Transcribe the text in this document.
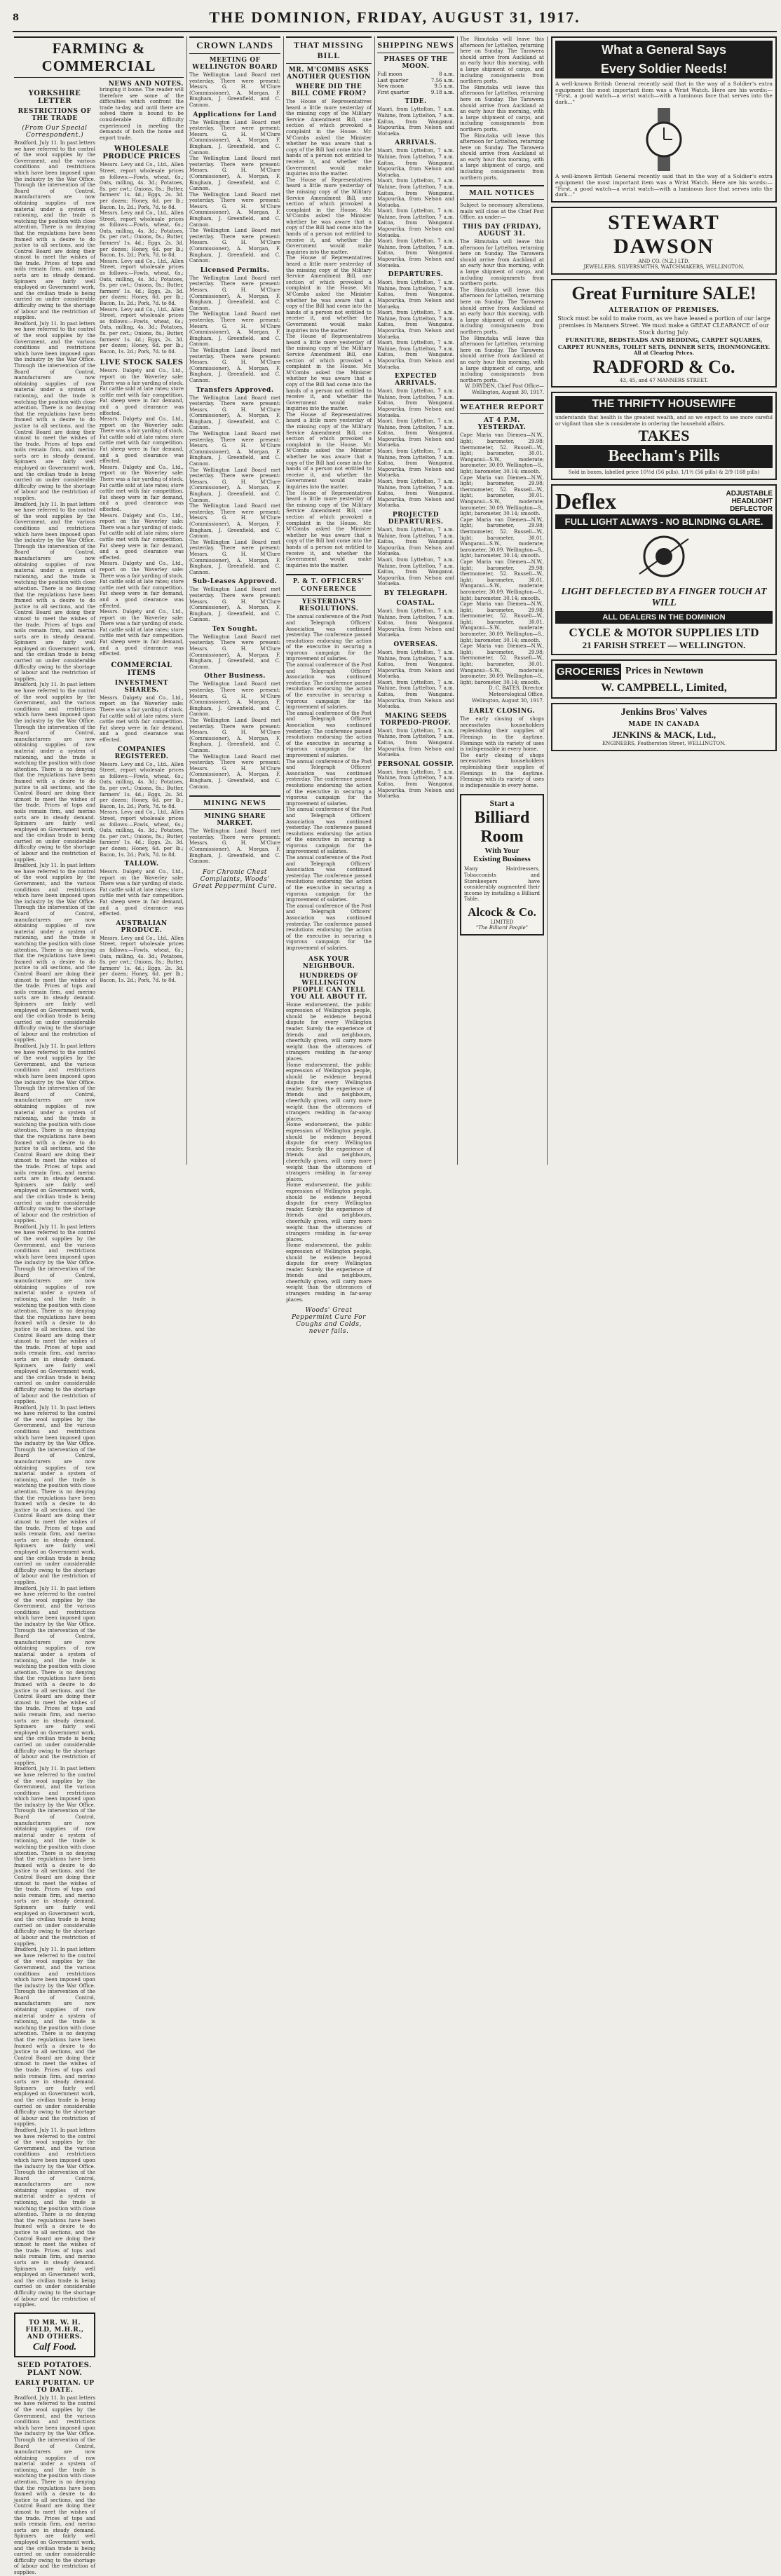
8	THE DOMINION, FRIDAY, AUGUST 31, 1917.
FARMING & COMMERCIAL
NEWS AND NOTES.
YORKSHIRE LETTER
RESTRICTIONS OF THE TRADE
(From Our Special Correspondent.)
Bradford, July 11. In past letters we have referred to the control of the wool supplies by the Government, and the various conditions and restrictions which have been imposed upon the industry by the War Office. Through the intervention of the Board of Control, manufacturers are now obtaining supplies of raw material under a system of rationing, and the trade is watching the position with close attention. There is no denying that the regulations have been framed with a desire to do justice to all sections, and the Control Board are doing their utmost to meet the wishes of the trade. Prices of tops and noils remain firm, and merino sorts are in steady demand. Spinners are fairly well employed on Government work, and the civilian trade is being carried on under considerable difficulty owing to the shortage of labour and the restriction of supplies.
Bradford, July 11. In past letters we have referred to the control of the wool supplies by the Government, and the various conditions and restrictions which have been imposed upon the industry by the War Office. Through the intervention of the Board of Control, manufacturers are now obtaining supplies of raw material under a system of rationing, and the trade is watching the position with close attention. There is no denying that the regulations have been framed with a desire to do justice to all sections, and the Control Board are doing their utmost to meet the wishes of the trade. Prices of tops and noils remain firm, and merino sorts are in steady demand. Spinners are fairly well employed on Government work, and the civilian trade is being carried on under considerable difficulty owing to the shortage of labour and the restriction of supplies.
Bradford, July 11. In past letters we have referred to the control of the wool supplies by the Government, and the various conditions and restrictions which have been imposed upon the industry by the War Office. Through the intervention of the Board of Control, manufacturers are now obtaining supplies of raw material under a system of rationing, and the trade is watching the position with close attention. There is no denying that the regulations have been framed with a desire to do justice to all sections, and the Control Board are doing their utmost to meet the wishes of the trade. Prices of tops and noils remain firm, and merino sorts are in steady demand. Spinners are fairly well employed on Government work, and the civilian trade is being carried on under considerable difficulty owing to the shortage of labour and the restriction of supplies.
Bradford, July 11. In past letters we have referred to the control of the wool supplies by the Government, and the various conditions and restrictions which have been imposed upon the industry by the War Office. Through the intervention of the Board of Control, manufacturers are now obtaining supplies of raw material under a system of rationing, and the trade is watching the position with close attention. There is no denying that the regulations have been framed with a desire to do justice to all sections, and the Control Board are doing their utmost to meet the wishes of the trade. Prices of tops and noils remain firm, and merino sorts are in steady demand. Spinners are fairly well employed on Government work, and the civilian trade is being carried on under considerable difficulty owing to the shortage of labour and the restriction of supplies.
Bradford, July 11. In past letters we have referred to the control of the wool supplies by the Government, and the various conditions and restrictions which have been imposed upon the industry by the War Office. Through the intervention of the Board of Control, manufacturers are now obtaining supplies of raw material under a system of rationing, and the trade is watching the position with close attention. There is no denying that the regulations have been framed with a desire to do justice to all sections, and the Control Board are doing their utmost to meet the wishes of the trade. Prices of tops and noils remain firm, and merino sorts are in steady demand. Spinners are fairly well employed on Government work, and the civilian trade is being carried on under considerable difficulty owing to the shortage of labour and the restriction of supplies.
Bradford, July 11. In past letters we have referred to the control of the wool supplies by the Government, and the various conditions and restrictions which have been imposed upon the industry by the War Office. Through the intervention of the Board of Control, manufacturers are now obtaining supplies of raw material under a system of rationing, and the trade is watching the position with close attention. There is no denying that the regulations have been framed with a desire to do justice to all sections, and the Control Board are doing their utmost to meet the wishes of the trade. Prices of tops and noils remain firm, and merino sorts are in steady demand. Spinners are fairly well employed on Government work, and the civilian trade is being carried on under considerable difficulty owing to the shortage of labour and the restriction of supplies.
Bradford, July 11. In past letters we have referred to the control of the wool supplies by the Government, and the various conditions and restrictions which have been imposed upon the industry by the War Office. Through the intervention of the Board of Control, manufacturers are now obtaining supplies of raw material under a system of rationing, and the trade is watching the position with close attention. There is no denying that the regulations have been framed with a desire to do justice to all sections, and the Control Board are doing their utmost to meet the wishes of the trade. Prices of tops and noils remain firm, and merino sorts are in steady demand. Spinners are fairly well employed on Government work, and the civilian trade is being carried on under considerable difficulty owing to the shortage of labour and the restriction of supplies.
Bradford, July 11. In past letters we have referred to the control of the wool supplies by the Government, and the various conditions and restrictions which have been imposed upon the industry by the War Office. Through the intervention of the Board of Control, manufacturers are now obtaining supplies of raw material under a system of rationing, and the trade is watching the position with close attention. There is no denying that the regulations have been framed with a desire to do justice to all sections, and the Control Board are doing their utmost to meet the wishes of the trade. Prices of tops and noils remain firm, and merino sorts are in steady demand. Spinners are fairly well employed on Government work, and the civilian trade is being carried on under considerable difficulty owing to the shortage of labour and the restriction of supplies.
Bradford, July 11. In past letters we have referred to the control of the wool supplies by the Government, and the various conditions and restrictions which have been imposed upon the industry by the War Office. Through the intervention of the Board of Control, manufacturers are now obtaining supplies of raw material under a system of rationing, and the trade is watching the position with close attention. There is no denying that the regulations have been framed with a desire to do justice to all sections, and the Control Board are doing their utmost to meet the wishes of the trade. Prices of tops and noils remain firm, and merino sorts are in steady demand. Spinners are fairly well employed on Government work, and the civilian trade is being carried on under considerable difficulty owing to the shortage of labour and the restriction of supplies.
Bradford, July 11. In past letters we have referred to the control of the wool supplies by the Government, and the various conditions and restrictions which have been imposed upon the industry by the War Office. Through the intervention of the Board of Control, manufacturers are now obtaining supplies of raw material under a system of rationing, and the trade is watching the position with close attention. There is no denying that the regulations have been framed with a desire to do justice to all sections, and the Control Board are doing their utmost to meet the wishes of the trade. Prices of tops and noils remain firm, and merino sorts are in steady demand. Spinners are fairly well employed on Government work, and the civilian trade is being carried on under considerable difficulty owing to the shortage of labour and the restriction of supplies.
Bradford, July 11. In past letters we have referred to the control of the wool supplies by the Government, and the various conditions and restrictions which have been imposed upon the industry by the War Office. Through the intervention of the Board of Control, manufacturers are now obtaining supplies of raw material under a system of rationing, and the trade is watching the position with close attention. There is no denying that the regulations have been framed with a desire to do justice to all sections, and the Control Board are doing their utmost to meet the wishes of the trade. Prices of tops and noils remain firm, and merino sorts are in steady demand. Spinners are fairly well employed on Government work, and the civilian trade is being carried on under considerable difficulty owing to the shortage of labour and the restriction of supplies.
Bradford, July 11. In past letters we have referred to the control of the wool supplies by the Government, and the various conditions and restrictions which have been imposed upon the industry by the War Office. Through the intervention of the Board of Control, manufacturers are now obtaining supplies of raw material under a system of rationing, and the trade is watching the position with close attention. There is no denying that the regulations have been framed with a desire to do justice to all sections, and the Control Board are doing their utmost to meet the wishes of the trade. Prices of tops and noils remain firm, and merino sorts are in steady demand. Spinners are fairly well employed on Government work, and the civilian trade is being carried on under considerable difficulty owing to the shortage of labour and the restriction of supplies.
TO MR. W. H. FIELD, M.H.R., AND OTHERS.
Calf Food.
SEED POTATOES. PLANT NOW.
EARLY PURITAN. UP TO DATE.
Bradford, July 11. In past letters we have referred to the control of the wool supplies by the Government, and the various conditions and restrictions which have been imposed upon the industry by the War Office. Through the intervention of the Board of Control, manufacturers are now obtaining supplies of raw material under a system of rationing, and the trade is watching the position with close attention. There is no denying that the regulations have been framed with a desire to do justice to all sections, and the Control Board are doing their utmost to meet the wishes of the trade. Prices of tops and noils remain firm, and merino sorts are in steady demand. Spinners are fairly well employed on Government work, and the civilian trade is being carried on under considerable difficulty owing to the shortage of labour and the restriction of supplies.
bringing it home. The reader will therefore see some of the difficulties which confront the trade to-day, and until there are solved there is bound to be considerable difficulty experienced in meeting the demands of both the home and export trade.
WHOLESALE PRODUCE PRICES
Messrs. Levy and Co., Ltd., Allen Street, report wholesale prices as follows:—Fowls, wheat, 6s.; Oats, milling, 4s. 3d.; Potatoes, 8s. per cwt.; Onions, 8s.; Butter, farmers' 1s. 4d.; Eggs, 2s. 3d. per dozen; Honey, 6d. per lb.; Bacon, 1s. 2d.; Pork, 7d. to 8d.
Messrs. Levy and Co., Ltd., Allen Street, report wholesale prices as follows:—Fowls, wheat, 6s.; Oats, milling, 4s. 3d.; Potatoes, 8s. per cwt.; Onions, 8s.; Butter, farmers' 1s. 4d.; Eggs, 2s. 3d. per dozen; Honey, 6d. per lb.; Bacon, 1s. 2d.; Pork, 7d. to 8d.
Messrs. Levy and Co., Ltd., Allen Street, report wholesale prices as follows:—Fowls, wheat, 6s.; Oats, milling, 4s. 3d.; Potatoes, 8s. per cwt.; Onions, 8s.; Butter, farmers' 1s. 4d.; Eggs, 2s. 3d. per dozen; Honey, 6d. per lb.; Bacon, 1s. 2d.; Pork, 7d. to 8d.
Messrs. Levy and Co., Ltd., Allen Street, report wholesale prices as follows:—Fowls, wheat, 6s.; Oats, milling, 4s. 3d.; Potatoes, 8s. per cwt.; Onions, 8s.; Butter, farmers' 1s. 4d.; Eggs, 2s. 3d. per dozen; Honey, 6d. per lb.; Bacon, 1s. 2d.; Pork, 7d. to 8d.
LIVE STOCK SALES
Messrs. Dalgety and Co., Ltd., report on the Waverley sale: There was a fair yarding of stock. Fat cattle sold at late rates; store cattle met with fair competition. Fat sheep were in fair demand, and a good clearance was effected.
Messrs. Dalgety and Co., Ltd., report on the Waverley sale: There was a fair yarding of stock. Fat cattle sold at late rates; store cattle met with fair competition. Fat sheep were in fair demand, and a good clearance was effected.
Messrs. Dalgety and Co., Ltd., report on the Waverley sale: There was a fair yarding of stock. Fat cattle sold at late rates; store cattle met with fair competition. Fat sheep were in fair demand, and a good clearance was effected.
Messrs. Dalgety and Co., Ltd., report on the Waverley sale: There was a fair yarding of stock. Fat cattle sold at late rates; store cattle met with fair competition. Fat sheep were in fair demand, and a good clearance was effected.
Messrs. Dalgety and Co., Ltd., report on the Waverley sale: There was a fair yarding of stock. Fat cattle sold at late rates; store cattle met with fair competition. Fat sheep were in fair demand, and a good clearance was effected.
Messrs. Dalgety and Co., Ltd., report on the Waverley sale: There was a fair yarding of stock. Fat cattle sold at late rates; store cattle met with fair competition. Fat sheep were in fair demand, and a good clearance was effected.
COMMERCIAL ITEMS
INVESTMENT SHARES.
Messrs. Dalgety and Co., Ltd., report on the Waverley sale: There was a fair yarding of stock. Fat cattle sold at late rates; store cattle met with fair competition. Fat sheep were in fair demand, and a good clearance was effected.
COMPANIES REGISTERED.
Messrs. Levy and Co., Ltd., Allen Street, report wholesale prices as follows:—Fowls, wheat, 6s.; Oats, milling, 4s. 3d.; Potatoes, 8s. per cwt.; Onions, 8s.; Butter, farmers' 1s. 4d.; Eggs, 2s. 3d. per dozen; Honey, 6d. per lb.; Bacon, 1s. 2d.; Pork, 7d. to 8d.
Messrs. Levy and Co., Ltd., Allen Street, report wholesale prices as follows:—Fowls, wheat, 6s.; Oats, milling, 4s. 3d.; Potatoes, 8s. per cwt.; Onions, 8s.; Butter, farmers' 1s. 4d.; Eggs, 2s. 3d. per dozen; Honey, 6d. per lb.; Bacon, 1s. 2d.; Pork, 7d. to 8d.
TALLOW.
Messrs. Dalgety and Co., Ltd., report on the Waverley sale: There was a fair yarding of stock. Fat cattle sold at late rates; store cattle met with fair competition. Fat sheep were in fair demand, and a good clearance was effected.
AUSTRALIAN PRODUCE.
Messrs. Levy and Co., Ltd., Allen Street, report wholesale prices as follows:—Fowls, wheat, 6s.; Oats, milling, 4s. 3d.; Potatoes, 8s. per cwt.; Onions, 8s.; Butter, farmers' 1s. 4d.; Eggs, 2s. 3d. per dozen; Honey, 6d. per lb.; Bacon, 1s. 2d.; Pork, 7d. to 8d.
CROWN LANDS
MEETING OF WELLINGTON BOARD
The Wellington Land Board met yesterday. There were present: Messrs. G. H. M'Clure (Commissioner), A. Morgan, F. Bingham, J. Greenfield, and C. Cannon.
Applications for Land
The Wellington Land Board met yesterday. There were present: Messrs. G. H. M'Clure (Commissioner), A. Morgan, F. Bingham, J. Greenfield, and C. Cannon.
The Wellington Land Board met yesterday. There were present: Messrs. G. H. M'Clure (Commissioner), A. Morgan, F. Bingham, J. Greenfield, and C. Cannon.
The Wellington Land Board met yesterday. There were present: Messrs. G. H. M'Clure (Commissioner), A. Morgan, F. Bingham, J. Greenfield, and C. Cannon.
The Wellington Land Board met yesterday. There were present: Messrs. G. H. M'Clure (Commissioner), A. Morgan, F. Bingham, J. Greenfield, and C. Cannon.
Licensed Permits.
The Wellington Land Board met yesterday. There were present: Messrs. G. H. M'Clure (Commissioner), A. Morgan, F. Bingham, J. Greenfield, and C. Cannon.
The Wellington Land Board met yesterday. There were present: Messrs. G. H. M'Clure (Commissioner), A. Morgan, F. Bingham, J. Greenfield, and C. Cannon.
The Wellington Land Board met yesterday. There were present: Messrs. G. H. M'Clure (Commissioner), A. Morgan, F. Bingham, J. Greenfield, and C. Cannon.
Transfers Approved.
The Wellington Land Board met yesterday. There were present: Messrs. G. H. M'Clure (Commissioner), A. Morgan, F. Bingham, J. Greenfield, and C. Cannon.
The Wellington Land Board met yesterday. There were present: Messrs. G. H. M'Clure (Commissioner), A. Morgan, F. Bingham, J. Greenfield, and C. Cannon.
The Wellington Land Board met yesterday. There were present: Messrs. G. H. M'Clure (Commissioner), A. Morgan, F. Bingham, J. Greenfield, and C. Cannon.
The Wellington Land Board met yesterday. There were present: Messrs. G. H. M'Clure (Commissioner), A. Morgan, F. Bingham, J. Greenfield, and C. Cannon.
The Wellington Land Board met yesterday. There were present: Messrs. G. H. M'Clure (Commissioner), A. Morgan, F. Bingham, J. Greenfield, and C. Cannon.
Sub-Leases Approved.
The Wellington Land Board met yesterday. There were present: Messrs. G. H. M'Clure (Commissioner), A. Morgan, F. Bingham, J. Greenfield, and C. Cannon.
Tex Sought.
The Wellington Land Board met yesterday. There were present: Messrs. G. H. M'Clure (Commissioner), A. Morgan, F. Bingham, J. Greenfield, and C. Cannon.
Other Business.
The Wellington Land Board met yesterday. There were present: Messrs. G. H. M'Clure (Commissioner), A. Morgan, F. Bingham, J. Greenfield, and C. Cannon.
The Wellington Land Board met yesterday. There were present: Messrs. G. H. M'Clure (Commissioner), A. Morgan, F. Bingham, J. Greenfield, and C. Cannon.
The Wellington Land Board met yesterday. There were present: Messrs. G. H. M'Clure (Commissioner), A. Morgan, F. Bingham, J. Greenfield, and C. Cannon.
MINING NEWS
MINING SHARE MARKET.
The Wellington Land Board met yesterday. There were present: Messrs. G. H. M'Clure (Commissioner), A. Morgan, F. Bingham, J. Greenfield, and C. Cannon.
For Chronic Chest Complaints, Woods' Great Peppermint Cure.
THAT MISSING BILL
MR. M'COMBS ASKS ANOTHER QUESTION
WHERE DID THE BILL COME FROM?
The House of Representatives heard a little more yesterday of the missing copy of the Military Service Amendment Bill, one section of which provoked a complaint in the House. Mr. M'Combs asked the Minister whether he was aware that a copy of the Bill had come into the hands of a person not entitled to receive it, and whether the Government would make inquiries into the matter.
The House of Representatives heard a little more yesterday of the missing copy of the Military Service Amendment Bill, one section of which provoked a complaint in the House. Mr. M'Combs asked the Minister whether he was aware that a copy of the Bill had come into the hands of a person not entitled to receive it, and whether the Government would make inquiries into the matter.
The House of Representatives heard a little more yesterday of the missing copy of the Military Service Amendment Bill, one section of which provoked a complaint in the House. Mr. M'Combs asked the Minister whether he was aware that a copy of the Bill had come into the hands of a person not entitled to receive it, and whether the Government would make inquiries into the matter.
The House of Representatives heard a little more yesterday of the missing copy of the Military Service Amendment Bill, one section of which provoked a complaint in the House. Mr. M'Combs asked the Minister whether he was aware that a copy of the Bill had come into the hands of a person not entitled to receive it, and whether the Government would make inquiries into the matter.
The House of Representatives heard a little more yesterday of the missing copy of the Military Service Amendment Bill, one section of which provoked a complaint in the House. Mr. M'Combs asked the Minister whether he was aware that a copy of the Bill had come into the hands of a person not entitled to receive it, and whether the Government would make inquiries into the matter.
The House of Representatives heard a little more yesterday of the missing copy of the Military Service Amendment Bill, one section of which provoked a complaint in the House. Mr. M'Combs asked the Minister whether he was aware that a copy of the Bill had come into the hands of a person not entitled to receive it, and whether the Government would make inquiries into the matter.
P. & T. OFFICERS' CONFERENCE
YESTERDAY'S RESOLUTIONS.
The annual conference of the Post and Telegraph Officers' Association was continued yesterday. The conference passed resolutions endorsing the action of the executive in securing a vigorous campaign for the improvement of salaries.
The annual conference of the Post and Telegraph Officers' Association was continued yesterday. The conference passed resolutions endorsing the action of the executive in securing a vigorous campaign for the improvement of salaries.
The annual conference of the Post and Telegraph Officers' Association was continued yesterday. The conference passed resolutions endorsing the action of the executive in securing a vigorous campaign for the improvement of salaries.
The annual conference of the Post and Telegraph Officers' Association was continued yesterday. The conference passed resolutions endorsing the action of the executive in securing a vigorous campaign for the improvement of salaries.
The annual conference of the Post and Telegraph Officers' Association was continued yesterday. The conference passed resolutions endorsing the action of the executive in securing a vigorous campaign for the improvement of salaries.
The annual conference of the Post and Telegraph Officers' Association was continued yesterday. The conference passed resolutions endorsing the action of the executive in securing a vigorous campaign for the improvement of salaries.
The annual conference of the Post and Telegraph Officers' Association was continued yesterday. The conference passed resolutions endorsing the action of the executive in securing a vigorous campaign for the improvement of salaries.
ASK YOUR NEIGHBOUR.
HUNDREDS OF WELLINGTON PEOPLE CAN TELL YOU ALL ABOUT IT.
Home endorsement, the public expression of Wellington people, should be evidence beyond dispute for every Wellington reader. Surely the experience of friends and neighbours, cheerfully given, will carry more weight than the utterances of strangers residing in far-away places.
Home endorsement, the public expression of Wellington people, should be evidence beyond dispute for every Wellington reader. Surely the experience of friends and neighbours, cheerfully given, will carry more weight than the utterances of strangers residing in far-away places.
Home endorsement, the public expression of Wellington people, should be evidence beyond dispute for every Wellington reader. Surely the experience of friends and neighbours, cheerfully given, will carry more weight than the utterances of strangers residing in far-away places.
Home endorsement, the public expression of Wellington people, should be evidence beyond dispute for every Wellington reader. Surely the experience of friends and neighbours, cheerfully given, will carry more weight than the utterances of strangers residing in far-away places.
Home endorsement, the public expression of Wellington people, should be evidence beyond dispute for every Wellington reader. Surely the experience of friends and neighbours, cheerfully given, will carry more weight than the utterances of strangers residing in far-away places.
Woods' Great Peppermint Cure For Coughs and Colds, never fails.
SHIPPING NEWS
PHASES OF THE MOON.
Full moon	8 a.m.
Last quarter	7.56 a.m.
New moon	9.5 a.m.
First quarter	9.18 a.m.
TIDE.
Maori, from Lyttelton, 7 a.m. Wahine, from Lyttelton, 7 a.m. Kaitoa, from Wanganui. Mapourika, from Nelson and Motueka.
ARRIVALS.
Maori, from Lyttelton, 7 a.m. Wahine, from Lyttelton, 7 a.m. Kaitoa, from Wanganui. Mapourika, from Nelson and Motueka.
Maori, from Lyttelton, 7 a.m. Wahine, from Lyttelton, 7 a.m. Kaitoa, from Wanganui. Mapourika, from Nelson and Motueka.
Maori, from Lyttelton, 7 a.m. Wahine, from Lyttelton, 7 a.m. Kaitoa, from Wanganui. Mapourika, from Nelson and Motueka.
Maori, from Lyttelton, 7 a.m. Wahine, from Lyttelton, 7 a.m. Kaitoa, from Wanganui. Mapourika, from Nelson and Motueka.
DEPARTURES.
Maori, from Lyttelton, 7 a.m. Wahine, from Lyttelton, 7 a.m. Kaitoa, from Wanganui. Mapourika, from Nelson and Motueka.
Maori, from Lyttelton, 7 a.m. Wahine, from Lyttelton, 7 a.m. Kaitoa, from Wanganui. Mapourika, from Nelson and Motueka.
Maori, from Lyttelton, 7 a.m. Wahine, from Lyttelton, 7 a.m. Kaitoa, from Wanganui. Mapourika, from Nelson and Motueka.
EXPECTED ARRIVALS.
Maori, from Lyttelton, 7 a.m. Wahine, from Lyttelton, 7 a.m. Kaitoa, from Wanganui. Mapourika, from Nelson and Motueka.
Maori, from Lyttelton, 7 a.m. Wahine, from Lyttelton, 7 a.m. Kaitoa, from Wanganui. Mapourika, from Nelson and Motueka.
Maori, from Lyttelton, 7 a.m. Wahine, from Lyttelton, 7 a.m. Kaitoa, from Wanganui. Mapourika, from Nelson and Motueka.
Maori, from Lyttelton, 7 a.m. Wahine, from Lyttelton, 7 a.m. Kaitoa, from Wanganui. Mapourika, from Nelson and Motueka.
PROJECTED DEPARTURES.
Maori, from Lyttelton, 7 a.m. Wahine, from Lyttelton, 7 a.m. Kaitoa, from Wanganui. Mapourika, from Nelson and Motueka.
Maori, from Lyttelton, 7 a.m. Wahine, from Lyttelton, 7 a.m. Kaitoa, from Wanganui. Mapourika, from Nelson and Motueka.
BY TELEGRAPH.
COASTAL.
Maori, from Lyttelton, 7 a.m. Wahine, from Lyttelton, 7 a.m. Kaitoa, from Wanganui. Mapourika, from Nelson and Motueka.
OVERSEAS.
Maori, from Lyttelton, 7 a.m. Wahine, from Lyttelton, 7 a.m. Kaitoa, from Wanganui. Mapourika, from Nelson and Motueka.
Maori, from Lyttelton, 7 a.m. Wahine, from Lyttelton, 7 a.m. Kaitoa, from Wanganui. Mapourika, from Nelson and Motueka.
MAKING SEEDS TORPEDO-PROOF.
Maori, from Lyttelton, 7 a.m. Wahine, from Lyttelton, 7 a.m. Kaitoa, from Wanganui. Mapourika, from Nelson and Motueka.
PERSONAL GOSSIP.
Maori, from Lyttelton, 7 a.m. Wahine, from Lyttelton, 7 a.m. Kaitoa, from Wanganui. Mapourika, from Nelson and Motueka.
The Rimutaka will leave this afternoon for Lyttelton, returning here on Sunday. The Tarawera should arrive from Auckland at an early hour this morning, with a large shipment of cargo, and including consignments from northern ports.
The Rimutaka will leave this afternoon for Lyttelton, returning here on Sunday. The Tarawera should arrive from Auckland at an early hour this morning, with a large shipment of cargo, and including consignments from northern ports.
The Rimutaka will leave this afternoon for Lyttelton, returning here on Sunday. The Tarawera should arrive from Auckland at an early hour this morning, with a large shipment of cargo, and including consignments from northern ports.
MAIL NOTICES
Subject to necessary alterations, mails will close at the Chief Post Office, as under:—
THIS DAY (FRIDAY), AUGUST 31.
The Rimutaka will leave this afternoon for Lyttelton, returning here on Sunday. The Tarawera should arrive from Auckland at an early hour this morning, with a large shipment of cargo, and including consignments from northern ports.
The Rimutaka will leave this afternoon for Lyttelton, returning here on Sunday. The Tarawera should arrive from Auckland at an early hour this morning, with a large shipment of cargo, and including consignments from northern ports.
The Rimutaka will leave this afternoon for Lyttelton, returning here on Sunday. The Tarawera should arrive from Auckland at an early hour this morning, with a large shipment of cargo, and including consignments from northern ports.
W. DRYDEN, Chief Post Office—Wellington, August 30, 1917.
WEATHER REPORT
AT 4 P.M. YESTERDAY.
Cape Maria van Diemen—N.W., light; barometer, 29.98; thermometer, 52. Russell—W., light; barometer, 30.01. Wanganui—S.W., moderate; barometer, 30.09. Wellington—S., light; barometer, 30.14; smooth.
Cape Maria van Diemen—N.W., light; barometer, 29.98; thermometer, 52. Russell—W., light; barometer, 30.01. Wanganui—S.W., moderate; barometer, 30.09. Wellington—S., light; barometer, 30.14; smooth.
Cape Maria van Diemen—N.W., light; barometer, 29.98; thermometer, 52. Russell—W., light; barometer, 30.01. Wanganui—S.W., moderate; barometer, 30.09. Wellington—S., light; barometer, 30.14; smooth.
Cape Maria van Diemen—N.W., light; barometer, 29.98; thermometer, 52. Russell—W., light; barometer, 30.01. Wanganui—S.W., moderate; barometer, 30.09. Wellington—S., light; barometer, 30.14; smooth.
Cape Maria van Diemen—N.W., light; barometer, 29.98; thermometer, 52. Russell—W., light; barometer, 30.01. Wanganui—S.W., moderate; barometer, 30.09. Wellington—S., light; barometer, 30.14; smooth.
Cape Maria van Diemen—N.W., light; barometer, 29.98; thermometer, 52. Russell—W., light; barometer, 30.01. Wanganui—S.W., moderate; barometer, 30.09. Wellington—S., light; barometer, 30.14; smooth.
D. C. BATES, Director. Meteorological Office, Wellington, August 30, 1917.
EARLY CLOSING.
The early closing of shops necessitates householders replenishing their supplies of Flemings in the daytime. Flemings with its variety of uses is indispensable in every home.
The early closing of shops necessitates householders replenishing their supplies of Flemings in the daytime. Flemings with its variety of uses is indispensable in every home.
Start a
Billiard
Room
With Your
Existing Business
Many Hairdressers, Tobacconists and Storekeepers have considerably augmented their income by installing a Billiard Table.
Alcock & Co.
LIMITED
"The Billiard People"
What a General Says
Every Soldier Needs!
A well-known British General recently said that in the way of a Soldier's extra equipment the most important item was a Wrist Watch. Here are his words:— "First, a good watch—a wrist watch—with a luminous face that serves into the dark..."
A well-known British General recently said that in the way of a Soldier's extra equipment the most important item was a Wrist Watch. Here are his words:— "First, a good watch—a wrist watch—with a luminous face that serves into the dark..."
STEWART DAWSON
AND CO. (N.Z.) LTD.
JEWELLERS, SILVERSMITHS, WATCHMAKERS, WELLINGTON.
Great Furniture SALE!
ALTERATION OF PREMISES.
Stock must be sold to make room, as we have leased a portion of our large premises in Manners Street. We must make a GREAT CLEARANCE of our Stock during July.
FURNITURE, BEDSTEADS AND BEDDING, CARPET SQUARES, CARPET RUNNERS, TOILET SETS, DINNER SETS, IRONMONGERY.
All at Clearing Prices.
RADFORD & Co.
43, 45, and 47 MANNERS STREET.
THE THRIFTY HOUSEWIFE
understands that health is the greatest wealth, and so we expect to see more careful or vigilant than she is considerate in ordering the household affairs.
TAKES
Beecham's Pills
Sold in boxes, labelled price 10½d (56 pills), 1/1½ (56 pills) & 2/9 (168 pills)
Deflex	ADJUSTABLE
HEADLIGHT
DEFLECTOR
FULL LIGHT ALWAYS - NO BLINDING GLARE.
LIGHT DEFLECTED BY A FINGER TOUCH AT WILL
ALL DEALERS IN THE DOMINION
CYCLE & MOTOR SUPPLIES LTD
21 FARISH STREET — WELLINGTON.
GROCERIES Prices in Newtown
W. CAMPBELL, Limited,
Jenkins Bros' Valves
MADE IN CANADA
JENKINS & MACK, Ltd.,
ENGINEERS, Featherston Street, WELLINGTON.
